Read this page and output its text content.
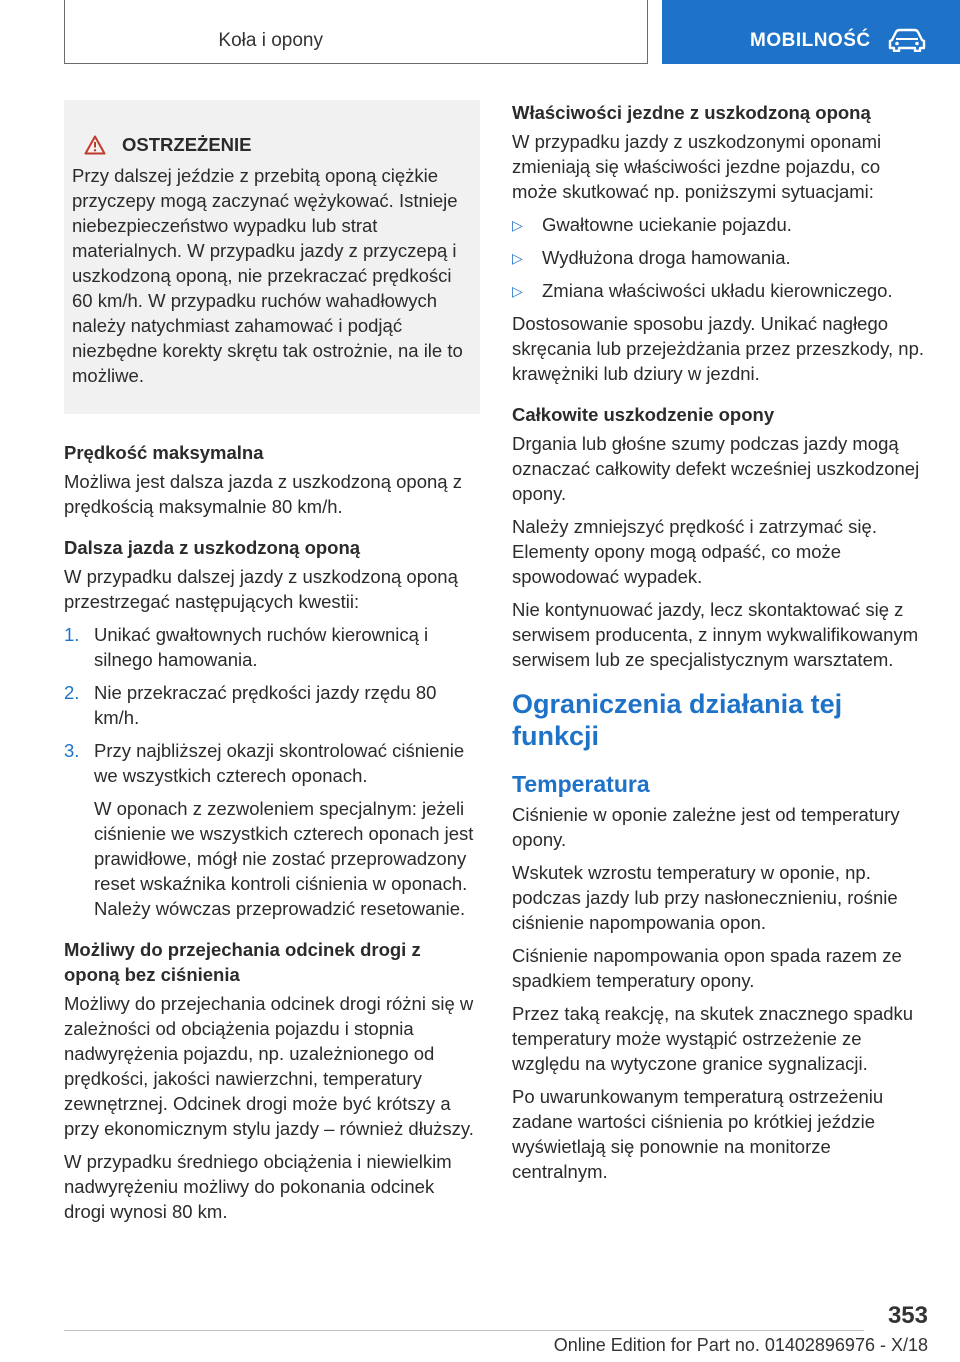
Koła i opony	MOBILNOŚĆ
OSTRZEŻENIE

Przy dalszej jeździe z przebitą oponą ciężkie przyczepy mogą zaczynać wężykować. Istnieje niebezpieczeństwo wypadku lub strat materialnych. W przypadku jazdy z przyczepą i uszkodzoną oponą, nie przekraczać prędkości 60 km/h. W przypadku ruchów wahadłowych należy natychmiast zahamować i podjąć niezbędne korekty skrętu tak ostrożnie, na ile to możliwe.

Prędkość maksymalna

Możliwa jest dalsza jazda z uszkodzoną oponą z prędkością maksymalnie 80 km/h.

Dalsza jazda z uszkodzoną oponą

W przypadku dalszej jazdy z uszkodzoną oponą przestrzegać następujących kwestii:

1. Unikać gwałtownych ruchów kierownicą i silnego hamowania.
2. Nie przekraczać prędkości jazdy rzędu 80 km/h.
3. Przy najbliższej okazji skontrolować ciśnienie we wszystkich czterech oponach.

W oponach z zezwoleniem specjalnym: jeżeli ciśnienie we wszystkich czterech oponach jest prawidłowe, mógł nie zostać przeprowadzony reset wskaźnika kontroli ciśnienia w oponach. Należy wówczas przeprowadzić resetowanie.

Możliwy do przejechania odcinek drogi z oponą bez ciśnienia

Możliwy do przejechania odcinek drogi różni się w zależności od obciążenia pojazdu i stopnia nadwyrężenia pojazdu, np. uzależnionego od prędkości, jakości nawierzchni, temperatury zewnętrznej. Odcinek drogi może być krótszy a przy ekonomicznym stylu jazdy – również dłuższy.

W przypadku średniego obciążenia i niewielkim nadwyrężeniu możliwy do pokonania odcinek drogi wynosi 80 km.

Właściwości jezdne z uszkodzoną oponą

W przypadku jazdy z uszkodzonymi oponami zmieniają się właściwości jezdne pojazdu, co może skutkować np. poniższymi sytuacjami:

▷ Gwałtowne uciekanie pojazdu.
▷ Wydłużona droga hamowania.
▷ Zmiana właściwości układu kierowniczego.

Dostosowanie sposobu jazdy. Unikać nagłego skręcania lub przejeżdżania przez przeszkody, np. krawężniki lub dziury w jezdni.

Całkowite uszkodzenie opony

Drgania lub głośne szumy podczas jazdy mogą oznaczać całkowity defekt wcześniej uszkodzonej opony.

Należy zmniejszyć prędkość i zatrzymać się. Elementy opony mogą odpaść, co może spowodować wypadek.

Nie kontynuować jazdy, lecz skontaktować się z serwisem producenta, z innym wykwalifikowanym serwisem lub ze specjalistycznym warsztatem.

Ograniczenia działania tej funkcji
Temperatura

Ciśnienie w oponie zależne jest od temperatury opony.

Wskutek wzrostu temperatury w oponie, np. podczas jazdy lub przy nasłonecznieniu, rośnie ciśnienie napompowania opon.

Ciśnienie napompowania opon spada razem ze spadkiem temperatury opony.

Przez taką reakcję, na skutek znacznego spadku temperatury może wystąpić ostrzeżenie ze względu na wytyczone granice sygnalizacji.

Po uwarunkowanym temperaturą ostrzeżeniu zadane wartości ciśnienia po krótkiej jeździe wyświetlają się ponownie na monitorze centralnym.

353
Online Edition for Part no. 01402896976 - X/18
